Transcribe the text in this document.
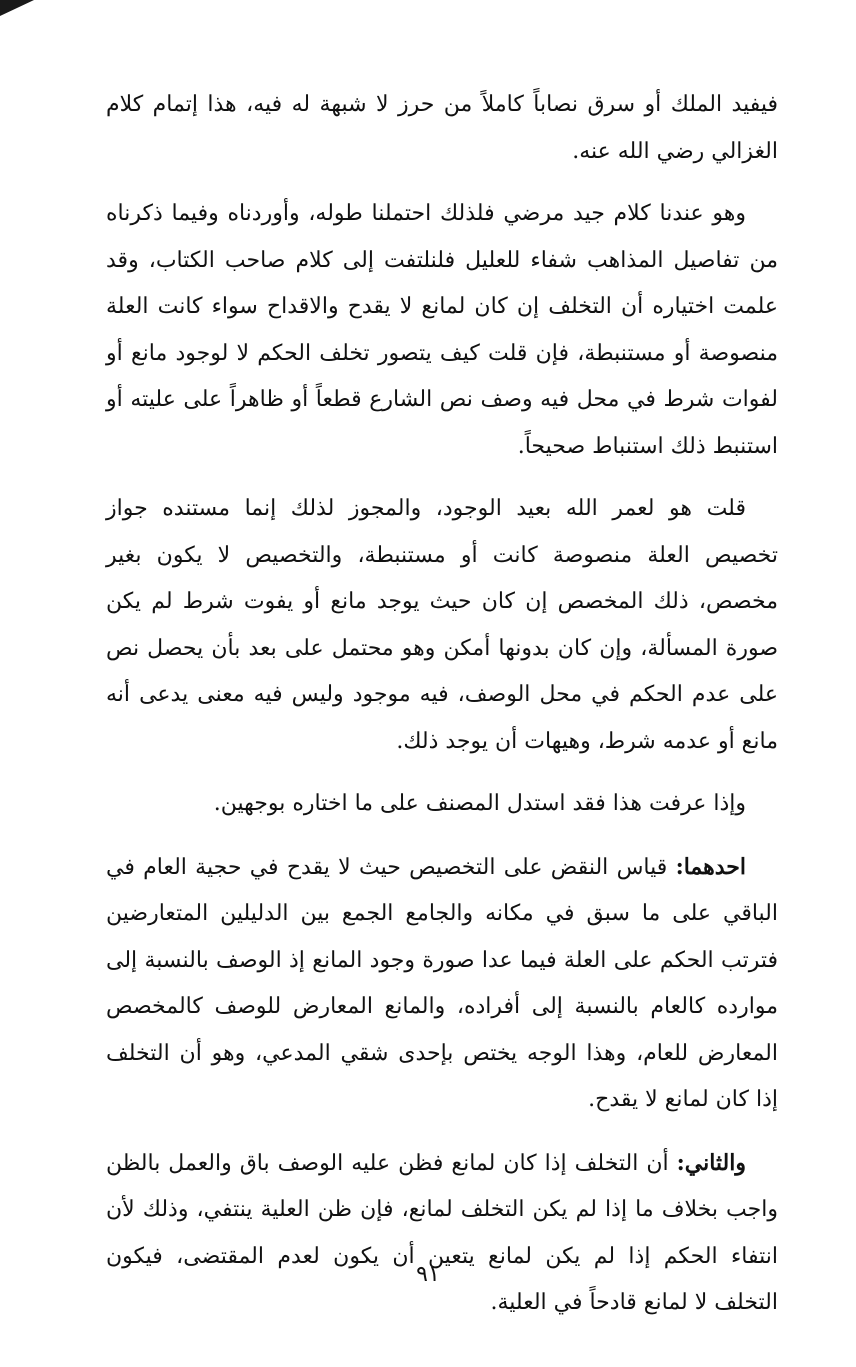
فيفيد الملك أو سرق نصاباً كاملاً من حرز لا شبهة له فيه، هذا إتمام كلام الغزالي رضي الله عنه.

وهو عندنا كلام جيد مرضي فلذلك احتملنا طوله، وأوردناه وفيما ذكرناه من تفاصيل المذاهب شفاء للعليل فلنلتفت إلى كلام صاحب الكتاب، وقد علمت اختياره أن التخلف إن كان لمانع لا يقدح والاقداح سواء كانت العلة منصوصة أو مستنبطة، فإن قلت كيف يتصور تخلف الحكم لا لوجود مانع أو لفوات شرط في محل فيه وصف نص الشارع قطعاً أو ظاهراً على عليته أو استنبط ذلك استنباط صحيحاً.

قلت هو لعمر الله بعيد الوجود، والمجوز لذلك إنما مستنده جواز تخصيص العلة منصوصة كانت أو مستنبطة، والتخصيص لا يكون بغير مخصص، ذلك المخصص إن كان حيث يوجد مانع أو يفوت شرط لم يكن صورة المسألة، وإن كان بدونها أمكن وهو محتمل على بعد بأن يحصل نص على عدم الحكم في محل الوصف، فيه موجود وليس فيه معنى يدعى أنه مانع أو عدمه شرط، وهيهات أن يوجد ذلك.

وإذا عرفت هذا فقد استدل المصنف على ما اختاره بوجهين.

احدهما: قياس النقض على التخصيص حيث لا يقدح في حجية العام في الباقي على ما سبق في مكانه والجامع الجمع بين الدليلين المتعارضين فترتب الحكم على العلة فيما عدا صورة وجود المانع إذ الوصف بالنسبة إلى موارده كالعام بالنسبة إلى أفراده، والمانع المعارض للوصف كالمخصص المعارض للعام، وهذا الوجه يختص بإحدى شقي المدعي، وهو أن التخلف إذا كان لمانع لا يقدح.

والثاني: أن التخلف إذا كان لمانع فظن عليه الوصف باق والعمل بالظن واجب بخلاف ما إذا لم يكن التخلف لمانع، فإن ظن العلية ينتفي، وذلك لأن انتفاء الحكم إذا لم يكن لمانع يتعين أن يكون لعدم المقتضى، فيكون التخلف لا لمانع قادحاً في العلية.

٩١
